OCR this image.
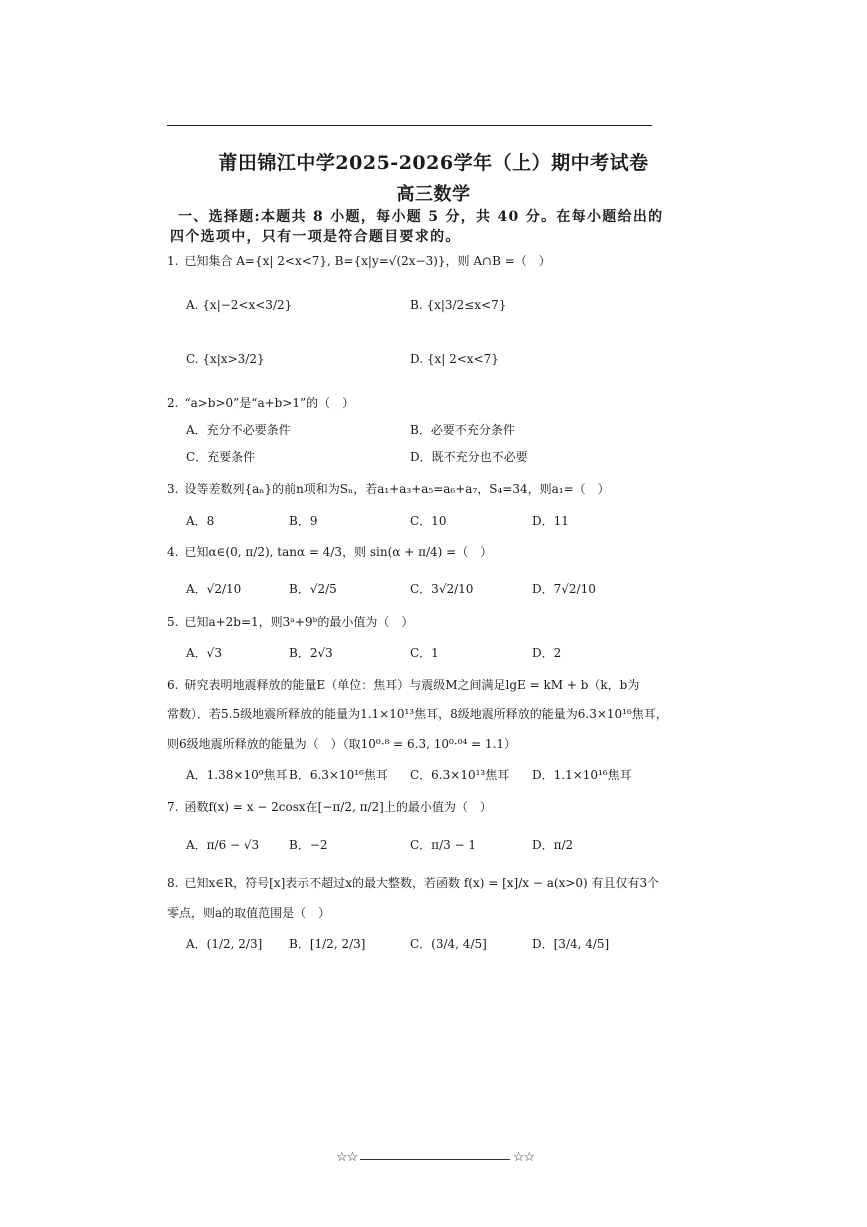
莆田锦江中学2025-2026学年（上）期中考试卷
高三数学
一、选择题:本题共 8 小题，每小题 5 分，共 40 分。在每小题给出的
四个选项中，只有一项是符合题目要求的。
1. 已知集合 A={x| 2<x<7}, B={x|y=√(2x−3)}，则 A∩B =（　）
A. {x|−2<x<3/2}	B. {x|3/2≤x<7}
C. {x|x>3/2}	D. {x| 2<x<7}
2. “a>b>0”是“a+b>1”的（　）
A．充分不必要条件	B．必要不充分条件
C．充要条件	D．既不充分也不必要
3. 设等差数列{aₙ}的前n项和为Sₙ，若a₁+a₃+a₅=a₆+a₇，S₄=34，则a₁=（　）
A．8	B．9	C．10	D．11
4. 已知α∈(0, π/2), tanα = 4/3，则 sin(α + π/4) =（　）
A．√2/10	B．√2/5	C．3√2/10	D．7√2/10
5. 已知a+2b=1，则3ᵃ+9ᵇ的最小值为（　）
A．√3	B．2√3	C．1	D．2
6. 研究表明地震释放的能量E（单位：焦耳）与震级M之间满足lgE = kM + b（k，b为
常数）．若5.5级地震所释放的能量为1.1×10¹³焦耳，8级地震所释放的能量为6.3×10¹⁶焦耳，
则6级地震所释放的能量为（　）（取10⁰·⁸ = 6.3, 10⁰·⁰⁴ = 1.1）
A．1.38×10⁹焦耳 B．6.3×10¹⁶焦耳 C．6.3×10¹³焦耳 D．1.1×10¹⁶焦耳
7. 函数f(x) = x − 2cosx在[−π/2, π/2]上的最小值为（　）
A．π/6 − √3 B．−2	C．π/3 − 1	D．π/2
8. 已知x∈R，符号[x]表示不超过x的最大整数，若函数 f(x) = [x]/x − a(x>0) 有且仅有3个
零点，则a的取值范围是（　）
A．(1/2, 2/3] B．[1/2, 2/3]	C．(3/4, 4/5]	D．[3/4, 4/5]
☆☆	☆☆
